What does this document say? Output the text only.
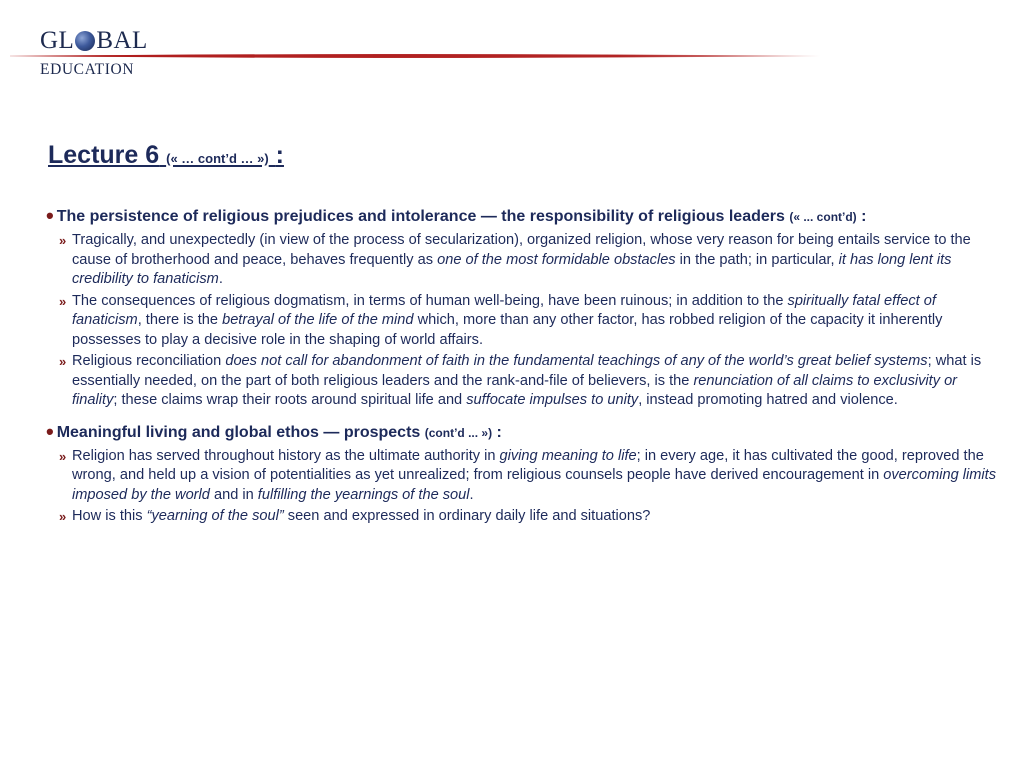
GL BAL
EDUCATION
Lecture 6 (« … cont’d … ») :
• The persistence of religious prejudices and intolerance — the responsibility of religious leaders (« ... cont’d) :
» Tragically, and unexpectedly (in view of the process of secularization), organized religion, whose very reason for being entails service to the cause of brotherhood and peace, behaves frequently as one of the most formidable obstacles in the path; in particular, it has long lent its credibility to fanaticism.
» The consequences of religious dogmatism, in terms of human well-being, have been ruinous; in addition to the spiritually fatal effect of fanaticism, there is the betrayal of the life of the mind which, more than any other factor, has robbed religion of the capacity it inherently possesses to play a decisive role in the shaping of world affairs.
» Religious reconciliation does not call for abandonment of faith in the fundamental teachings of any of the world’s great belief systems; what is essentially needed, on the part of both religious leaders and the rank-and-file of believers, is the renunciation of all claims to exclusivity or finality; these claims wrap their roots around spiritual life and suffocate impulses to unity, instead promoting hatred and violence.
• Meaningful living and global ethos — prospects (cont’d ... ») :
» Religion has served throughout history as the ultimate authority in giving meaning to life; in every age, it has cultivated the good, reproved the wrong, and held up a vision of potentialities as yet unrealized; from religious counsels people have derived encouragement in overcoming limits imposed by the world and in fulfilling the yearnings of the soul.
» How is this “yearning of the soul” seen and expressed in ordinary daily life and situations?
